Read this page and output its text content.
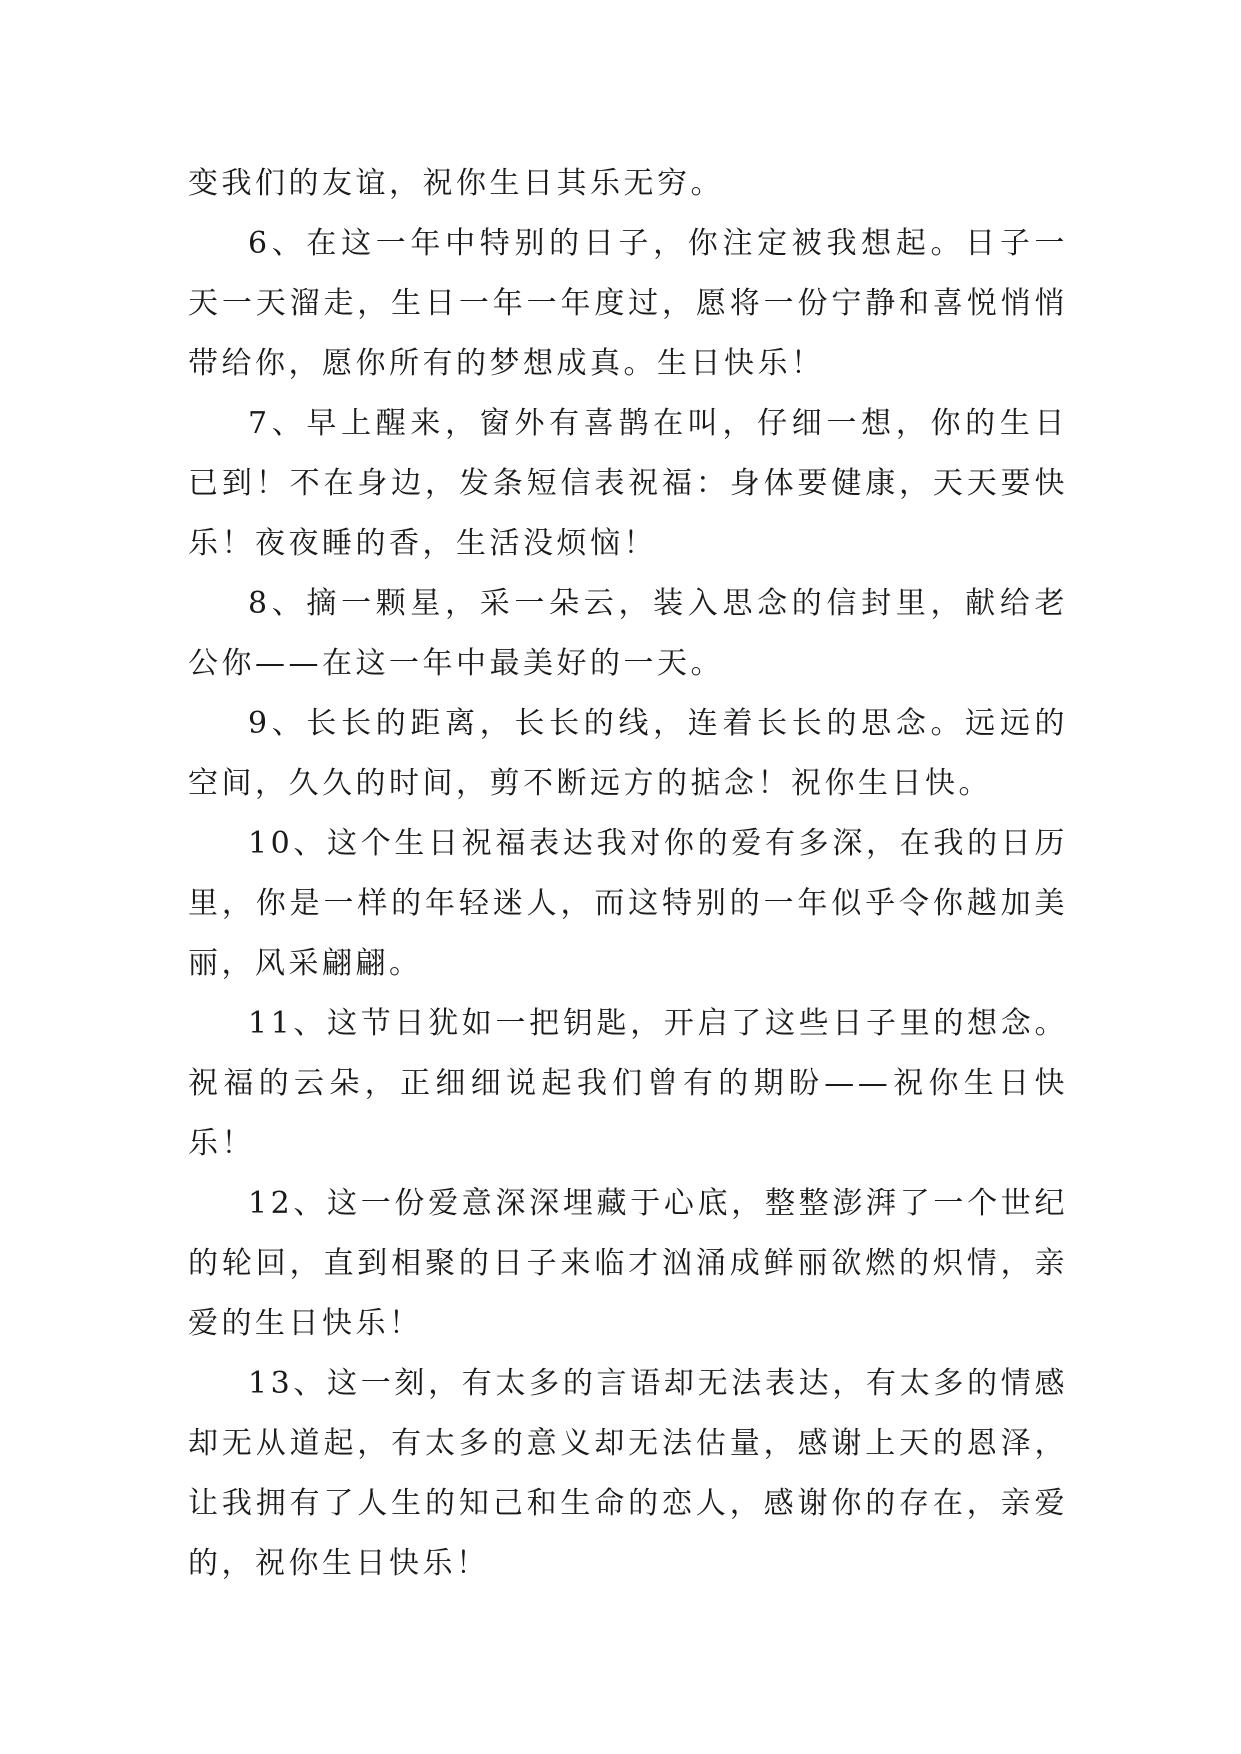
变我们的友谊，祝你生日其乐无穷。
6、在这一年中特别的日子，你注定被我想起。日子一
天一天溜走，生日一年一年度过，愿将一份宁静和喜悦悄悄
带给你，愿你所有的梦想成真。生日快乐！
7、早上醒来，窗外有喜鹊在叫，仔细一想，你的生日
已到！不在身边，发条短信表祝福：身体要健康，天天要快
乐！夜夜睡的香，生活没烦恼！
8、摘一颗星，采一朵云，装入思念的信封里，献给老
公你——在这一年中最美好的一天。
9、长长的距离，长长的线，连着长长的思念。远远的
空间，久久的时间，剪不断远方的掂念！祝你生日快。
10、这个生日祝福表达我对你的爱有多深，在我的日历
里，你是一样的年轻迷人，而这特别的一年似乎令你越加美
丽，风采翩翩。
11、这节日犹如一把钥匙，开启了这些日子里的想念。
祝福的云朵，正细细说起我们曾有的期盼——祝你生日快
乐！
12、这一份爱意深深埋藏于心底，整整澎湃了一个世纪
的轮回，直到相聚的日子来临才汹涌成鲜丽欲燃的炽情，亲
爱的生日快乐！
13、这一刻，有太多的言语却无法表达，有太多的情感
却无从道起，有太多的意义却无法估量，感谢上天的恩泽，
让我拥有了人生的知己和生命的恋人，感谢你的存在，亲爱
的，祝你生日快乐！
